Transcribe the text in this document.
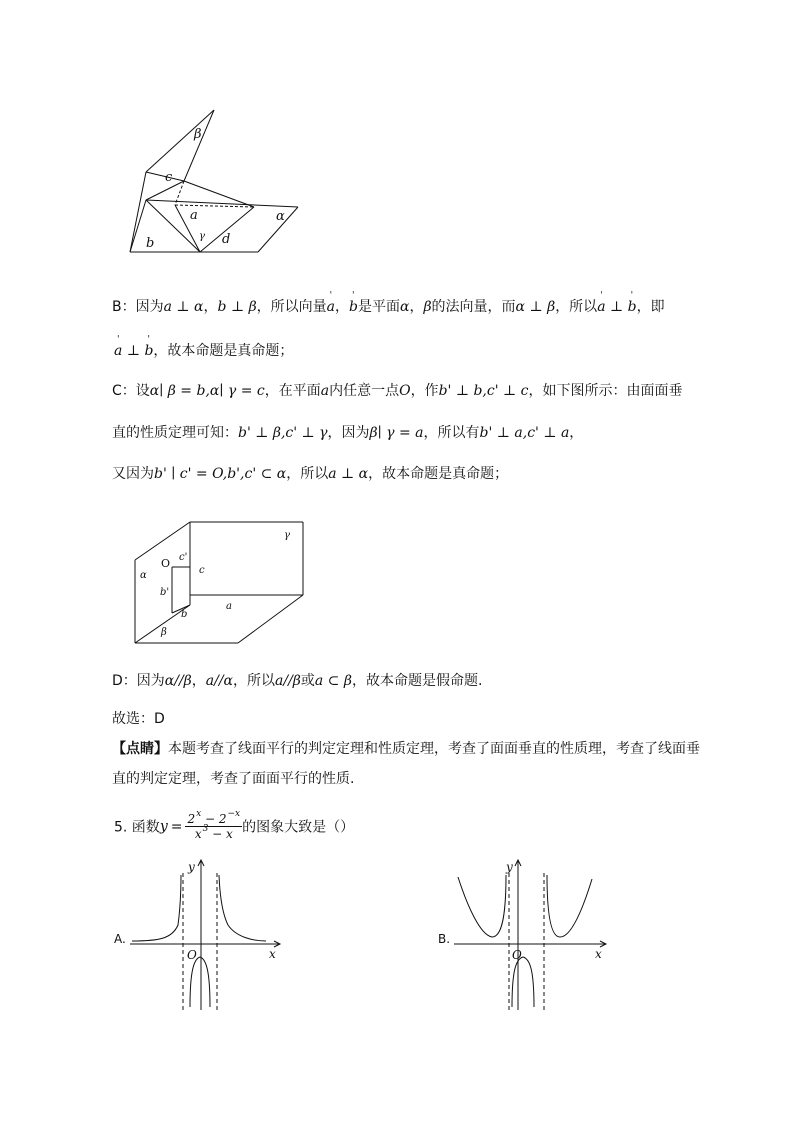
β
c
a
γ d
b
α
B：因为a ⊥ α，b ⊥ β，所以向量
'
a，
'
b是平面α，β的法向量，而α ⊥ β，所以
'
a ⊥
'
b，即
'
a ⊥
'
b，故本命题是真命题；
C：设α∣ β = b,α∣ γ = c，在平面a内任意一点O，作b' ⊥ b,c' ⊥ c，如下图所示：由面面垂
直的性质定理可知：b' ⊥ β,c' ⊥ γ，因为β∣ γ = a，所以有b' ⊥ a,c' ⊥ a，
又因为b' ∣ c' = O,b',c' ⊂ α，所以a ⊥ α，故本命题是真命题；
γ
O c'
α	c
b'
b
a
β
D：因为α//β，a//α，所以a//β或a ⊂ β，故本命题是假命题.
故选：D
【点睛】本题考查了线面平行的判定定理和性质定理，考查了面面垂直的性质理，考查了线面垂
直的判定定理，考查了面面平行的性质.
5. 函数$y = \frac{2^x - 2^{-x}}{x^3 - x}$ 的图象大致是（）
A.
y
x
O
B.
y
x
O
